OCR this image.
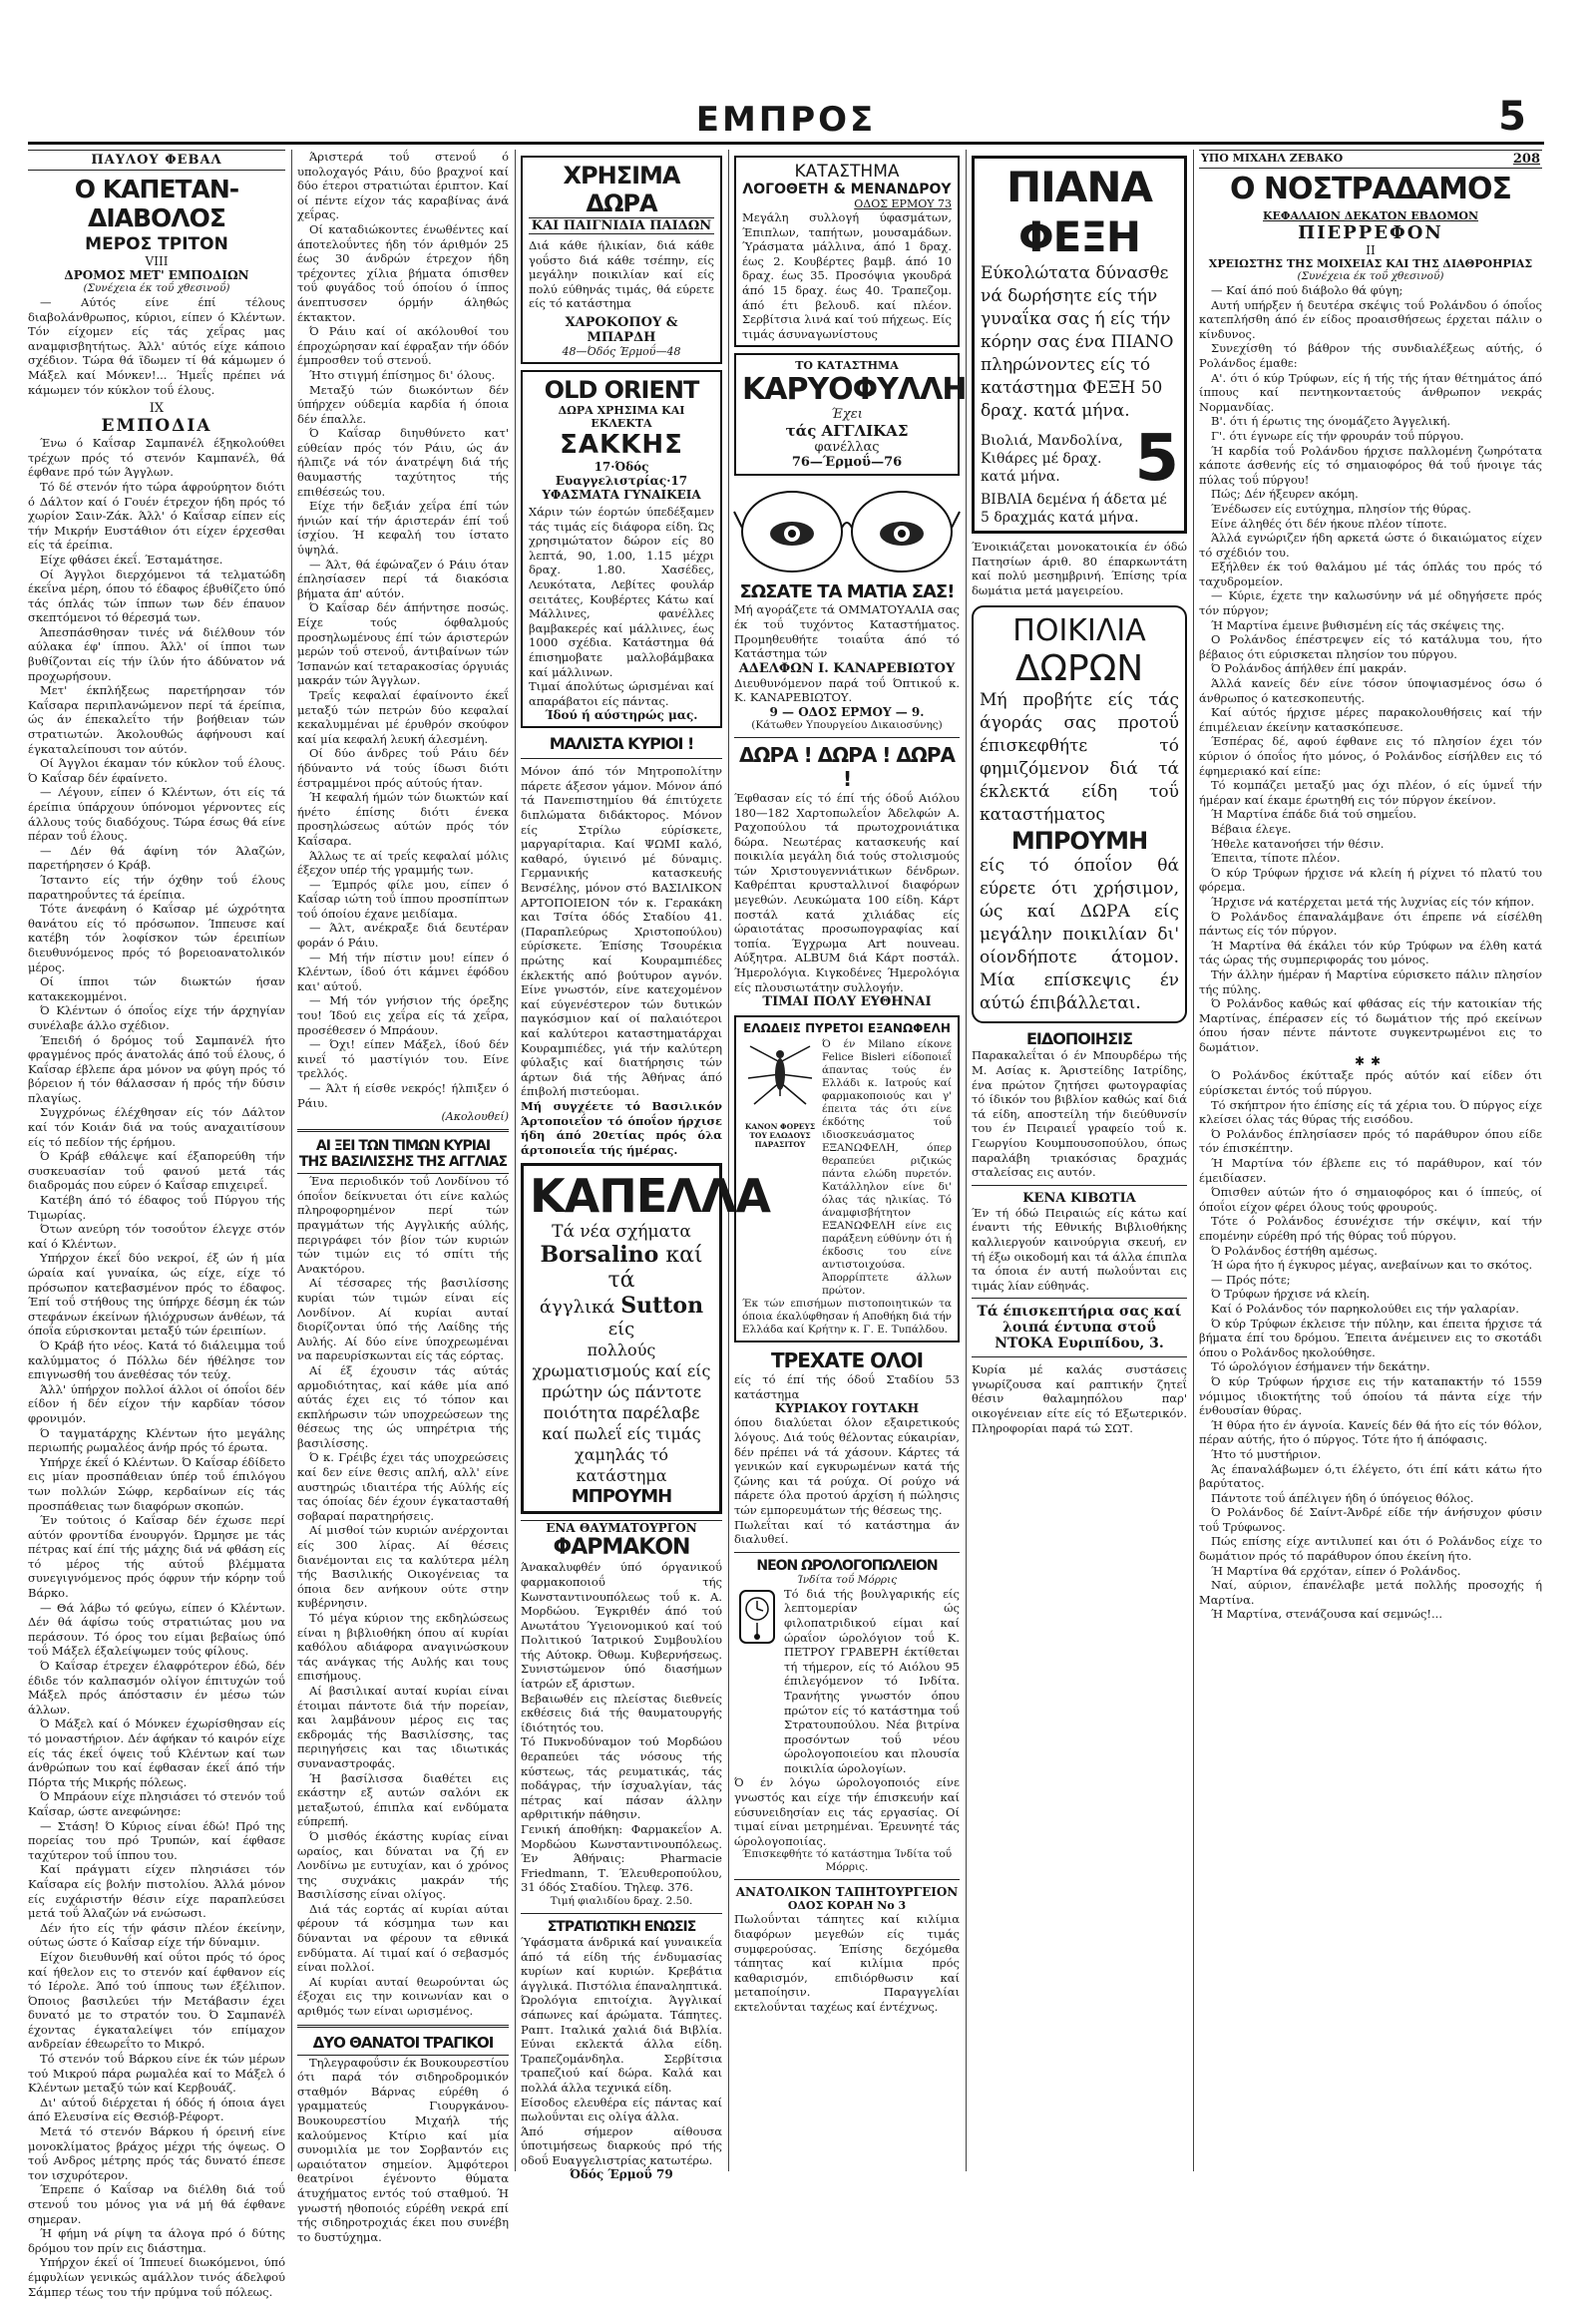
ΕΜΠΡΟΣ	5
ΠΑΥΛΟΥ ΦΕΒΑΛ
Ο ΚΑΠΕΤΑΝ-ΔΙΑΒΟΛΟΣ
ΜΕΡΟΣ ΤΡΙΤΟΝ
VIII
ΔΡΟΜΟΣ ΜΕΤ' ΕΜΠΟΔΙΩΝ
(Συνέχεια έκ τοΰ χθεσινοΰ)

— Αύτός είνε έπί τέλους διαβολάνθρωπος, κύριοι, είπεν ό Κλέντων. Τόν είχομεν είς τάς χεΐρας μας αναμφισβητήτως. Άλλ' αύτός είχε κάποιο σχέδιον. Τώρα θά ϊδωμεν τί θά κάμωμεν ό Μάξελ καί Μόνκεν!... Ήμεΐς πρέπει νά κάμωμεν τόν κύκλον τοΰ έλους.

IX
ΕΜΠΟΔΙΑ

Ένω ό Καΐσαρ Σαμπανέλ έξηκολούθει τρέχων πρός τό στενόν Καμπανέλ, θά έφθανε πρό τών Άγγλων.

Τό δέ στενόν ήτο τώρα άφρούρητον διότι ό Δάλτον καί ό Γουέν έτρεχον ήδη πρός τό χωρίον Σαιν-Ζάκ. Άλλ' ό Καΐσαρ είπεν είς τήν Μικρήν Ευστάθιον ότι είχεν έρχεσθαι είς τά έρείπια.

Είχε φθάσει έκεΐ. Έσταμάτησε.

Οί Άγγλοι διερχόμενοι τά τελματώδη έκεΐνα μέρη, όπου τό έδαφος έβυθίζετο ύπό τάς όπλάς τών ίππων των δέν έπαυον σκεπτόμενοι τό θέρεσμά των.

Άπεσπάσθησαν τινές νά διέλθουν τόν αύλακα έφ' ίππου. Άλλ' οί ίπποι των βυθίζονται είς τήν ίλύν ήτο άδύνατον νά προχωρήσουν.

Μετ' έκπλήξεως παρετήρησαν τόν Καΐσαρα περιπλανώμενον περί τά έρείπια, ώς άν έπεκαλεΐτο τήν βοήθειαν τών στρατιωτών. Άκολουθώς άφήνουσι καί έγκαταλείπουσι τον αύτόν.

Οί Άγγλοι έκαμαν τόν κύκλον τοΰ έλους. Ό Καΐσαρ δέν έφαίνετο.

— Λέγουν, είπεν ό Κλέντων, ότι είς τά έρείπια ύπάρχουν ύπόνομοι γέρνοντες είς άλλους τούς διαδόχους. Τώρα έσως θά είνε πέραν τοΰ έλους.

— Δέν θά άφίνη τόν Άλαζών, παρετήρησεν ό Κράβ.

Ίσταντο είς τήν όχθην τοΰ έλους παρατηροΰντες τά έρείπια.

Τότε άνεφάνη ό Καΐσαρ μέ ώχρότητα θανάτου είς τό πρόσωπον. Ίππευσε καί κατέβη τόν λοφίσκον τών έρειπίων διευθυνόμενος πρός τό βορειοανατολικόν μέρος.

Οί ίπποι τών διωκτών ήσαν κατακεκομμένοι.

Ό Κλέντων ό όποΐος είχε τήν άρχηγίαν συνέλαβε άλλο σχέδιον.

Έπειδή ό δρόμος τοΰ Σαμπανέλ ήτο φραγμένος πρός άνατολάς άπό τοΰ έλους, ό Καΐσαρ έβλεπε άρα μόνον να φύγη πρός τό βόρειον ή τόν θάλασσαν ή πρός τήν δύσιν πλαγίως.

Συγχρόνως έλέχθησαν είς τόν Δάλτον καί τόν Κοιάν διά να τούς αναχαιτίσουν είς τό πεδίον τής έρήμου.

Ό Κράβ εθάλεψε καί έξαπορεύθη τήν συσκευασίαν τοΰ φανού μετά τάς διαδρομάς που εύρεν ό Καΐσαρ επιχειρεΐ.

Κατέβη άπό τό έδαφος τοΰ Πύργου τής Τιμωρίας.

Ότων ανεύρη τόν τοσοΰτον έλεγχε στόν καί ό Κλέντων.

Υπήρχον έκεΐ δύο νεκροί, έξ ών ή μία ώραία καί γυναίκα, ώς είχε, είχε τό πρόσωπον κατεβασμένον πρός το έδαφος. Έπί τοΰ στήθους της ύπήρχε δέσμη έκ τών στεφάνων έκείνων ήλιόχρυσων άνθέων, τά όποΐα εύρισκονται μεταξύ τών έρειπίων.

Ό Κράβ ήτο νέος. Κατά τό διάλειμμα τοΰ καλύμματος ό Πόλλω δέν ήθέλησε τον επιγνωσθή του άνεθέσας τόν τεύχ.

Άλλ' ύπήρχον πολλοί άλλοι οί όποΐοι δέν είδον ή δέν είχον τήν καρδίαν τόσον φρονιμόν.

Ό ταγματάρχης Κλέντων ήτο μεγάλης περιωπής ρωμαλέος άνήρ πρός τό έρωτα.

Υπήρχε έκεΐ ό Κλέντων. Ό Καΐσαρ έδίδετο εις μίαν προσπάθειαν ύπέρ τοΰ έπιλόγου των πολλών Σώφρ, κερδαίνων είς τάς προσπάθειας των διαφόρων σκοπών.

Έν τούτοις ό Καΐσαρ δέν έχωσε περί αύτόν φροντίδα ένουργόν. Ώρμησε με τάς πέτρας καί έπί τής μάχης διά νά φθάση είς τό μέρος τής αύτοΰ βλέμματα συνεγιγνόμενος πρός όφρυν τήν κόρην τοΰ Βάρκο.

— Θά λάβω τό φεύγω, είπεν ό Κλέντων. Δέν θά άφίσω τούς στρατιώτας μου να περάσουν. Τό όρος του είμαι βεβαίως ύπό τοΰ Μάξελ έξαλείψωμεν τούς φίλους.

Ό Καΐσαρ έτρεχεν έλαφρότερον έδώ, δέν έδιδε τόν καλπασμόν ολίγον έπιτυχών τοΰ Μάξελ πρός άπόστασιν έν μέσω τών άλλων.

Ό Μάξελ καί ό Μόνκεν έχωρίσθησαν είς τό μοναστήριον. Δέν άφήκαν τό καιρόν είχε είς τάς έκεΐ όψεις τοΰ Κλέντων καί των άνθρώπων του καί έφθασαν έκεΐ άπό τήν Πόρτα τής Μικρής πόλεως.

Ό Μπράουν είχε πλησιάσει τό στενόν τοΰ Καΐσαρ, ώστε ανεφώνησε:

— Στάση! Ό Κύριος είναι έδώ! Πρό της πορείας του πρό Τρυπών, καί έφθασε ταχύτερον τοΰ ίππου του.

Καί πράγματι είχεν πλησιάσει τόν Καΐσαρα είς βολήν πιστολίου. Άλλά μόνον είς ευχάριστήν θέσιν είχε παραπλεύσει μετά τοΰ Άλαζών νά ενώσωσι.

Δέν ήτο είς τήν φάσιν πλέον έκείνην, ούτως ώστε ό Καΐσαρ είχε τήν δύναμιν.

Είχον διευθυνθή καί οΰτοι πρός τό όρος καί ήθελον εις το στενόν καί έφθανον είς τό Ιέρολε. Άπό τού ίππους των έξέλιπον. Όποιος βασιλεύει τήν Μετάβασιν έχει δυνατό με το στρατόν του. Ό Σαμπανέλ έχοντας έγκαταλείψει τόν επίμαχον ανδρείαν έθεωρεΐτο το Μικρό.

Τό στενόν τοΰ Βάρκου είνε έκ τών μέρων τού Μικρού πάρα ρωμαλέα καί το Μάξελ ό Κλέντων μεταξύ τών καί Κερβουάζ.

Δι' αύτοΰ διέρχεται ή όδός ή όποια άγει άπό Ελευσίνα είς Θεσιόβ-Ρέφορτ.

Μετά τό στενόν Βάρκου ή όρεινή είνε μονοκλίματος βράχος μέχρι τής όψεως. Ο τοΰ Ανδρος μέτρης πρός τάς δυνατό έπεσε τον ισχυρότερον.

Έπρεπε ό Καΐσαρ να διέλθη διά τοΰ στενοΰ του μόνος για νά μή θά έφθανε σημεραν.

Ή φήμη νά ρίψη τα άλογα πρό ό δύτης δρόμου τον πρίν εις διάστημα.

Υπήρχον έκεΐ οί Ίππευεί διωκόμενοι, ύπό έμφυλίων γενικώς αμάλλον τινός άδελφού Σάμπερ τέως του τήν πρύμνα τοΰ πόλεως.

Άριστερά τοΰ στενοΰ ό υπολοχαγός Ράιυ, δύο βραχνοί καί δύο έτεροι στρατιώται έριπτον. Καί οί πέντε είχον τάς καραβίνας άνά χεΐρας.

Οί καταδιώκοντες ένωθέντες καί άποτελοΰντες ήδη τόν άριθμόν 25 έως 30 άνδρών έτρεχον ήδη τρέχοντες χίλια βήματα όπισθεν τοΰ φυγάδος τοΰ όποίου ό ίππος άνεπτυσσεν όρμήν άληθώς έκτακτον.

Ό Ράιυ καί οί ακόλουθοί του έπροχώρησαν καί έφραξαν τήν όδόν έμπροσθεν τοΰ στενοΰ.

Ήτο στιγμή έπίσημος δι' όλους.

Μεταξύ τών διωκόντων δέν ύπήρχεν ούδεμία καρδία ή όποια δέν έπαλλε.

Ό Καΐσαρ διηυθύνετο κατ' εύθείαν πρός τόν Ράιυ, ώς άν ήλπιζε νά τόν άνατρέψη διά τής θαυμαστής ταχύτητος τής επιθέσεώς του.

Είχε τήν δεξιάν χεΐρα έπί τών ήνιών καί τήν άριστεράν έπί τοΰ ίσχίου. Ή κεφαλή του ίστατο ύψηλά.

— Άλτ, θά έφώναζεν ό Ράιυ όταν έπλησίασεν περί τά διακόσια βήματα άπ' αύτόν.

Ό Καΐσαρ δέν άπήντησε ποσώς. Είχε τούς όφθαλμούς προσηλωμένους έπί τών άριστερών μερών τοΰ στενοΰ, άντιβαίνων τών Ίσπανών καί τεταρακοσίας όργυιάς μακράν τών Άγγλων.

Τρεΐς κεφαλαί έφαίνοντο έκεΐ μεταξύ τών πετρών δύο κεφαλαί κεκαλυμμέναι μέ έρυθρόν σκούφον καί μία κεφαλή λευκή άλεσμένη.

Οί δύο άνδρες τοΰ Ράιυ δέν ήδύναντο νά τούς ίδωσι διότι έστραμμένοι πρός αύτούς ήταν.

Ή κεφαλή ήμών τών διωκτών καί ήνέτο έπίσης διότι ένεκα προσηλώσεως αύτών πρός τόν Καΐσαρα.

Άλλως τε αί τρεΐς κεφαλαί μόλις έξεχον υπέρ τής γραμμής των.

— Έμπρός φίλε μου, είπεν ό Καΐσαρ ιώτη τοΰ ίππου προσπίπτων τοΰ όποίου έχανε μειδίαμα.

— Άλτ, ανέκραξε διά δευτέραν φοράν ό Ράιυ.

— Μή τήν πίστιν μου! είπεν ό Κλέντων, ίδού ότι κάμνει έφόδου και' αύτοΰ.

— Μή τόν γνήσιον τής όρεξης του! Ίδού εις χεΐρα είς τά χεΐρα, προσέθεσεν ό Μπράουν.

— Όχι! είπεν Μάξελ, ίδού δέν κινεΐ τό μαστίγιόν του. Είνε τρελλός.

— Άλτ ή είσθε νεκρός! ήλπιξεν ό Ράιυ.

(Ακολουθεί)
ΑΙ ΞΕΙ ΤΩΝ ΤΙΜΩΝ ΚΥΡΙΑΙ
ΤΗΣ ΒΑΣΙΛΙΣΣΗΣ ΤΗΣ ΑΓΓΛΙΑΣ

Ένα περιοδικόν τοΰ Λονδίνου τό όποΐον δείκνυεται ότι είνε καλώς πληροφορημένον περί τών πραγμάτων τής Αγγλικής αύλής, περιγράφει τόν βίον τών κυριών τών τιμών εις τό σπίτι τής Ανακτόρου.

Αί τέσσαρες τής βασιλίσσης κυρίαι τών τιμών είναι είς Λονδίνον. Αί κυρίαι αυταί διορίζονται ύπό τής Λαίδης τής Αυλής. Αί δύο είνε ύποχρεωμέναι να παρευρίσκωνται είς τάς εόρτας.

Αί έξ έχουσιν τάς αύτάς αρμοδιότητας, καί κάθε μία από αύτάς έχει εις τό τόπον και εκπλήρωσιν τών υποχρεώσεων της θέσεως της ώς υπηρέτρια τής βασιλίσσης.

Ό κ. Γρέιβς έχει τάς υποχρεώσεις καί δεν είνε θεσις απλή, αλλ' είνε αυστηρώς ιδιαιτέρα τής Αύλής είς τας όποίας δέν έχουν έγκατασταθή σοβαραί παρατηρήσεις.

Αί μισθοί τών κυριών ανέρχονται είς 300 λίρας. Αί θέσεις διανέμονται εις τα καλύτερα μέλη τής Βασιλικής Οικογένειας τα όποια δεν ανήκουν ούτε στην κυβέρνησιν.

Τό μέγα κύριον της εκδηλώσεως είναι η βιβλιοθήκη όπου αί κυρίαι καθόλου αδιάφορα αναγινώσκουν τάς ανάγκας τής Αυλής και τους επισήμους.

Αί βασιλικαί αυταί κυρίαι είναι έτοιμαι πάντοτε διά τήν πορείαν, και λαμβάνουν μέρος εις τας εκδρομάς τής Βασιλίσσης, τας περιηγήσεις και τας ιδιωτικάς συναναστροφάς.

Ή βασίλισσα διαθέτει εις εκάστην εξ αυτών σαλόνι εκ μεταξωτού, έπιπλα καί ενδύματα εύπρεπή.

Ό μισθός έκάστης κυρίας είναι ωραίος, και δύναται να ζή εν Λονδίνω με ευτυχίαν, και ό χρόνος της συχνάκις μακράν τής Βασιλίσσης είναι ολίγος.

Διά τάς εορτάς αί κυρίαι αύται φέρουν τά κόσμημα των και δύνανται να φέρουν τα εθνικά ενδύματα. Αί τιμαί καί ό σεβασμός είναι πολλοί.

Αί κυρίαι αυταί θεωρούνται ώς έξοχαι εις την κοινωνίαν και ο αριθμός των είναι ωρισμένος.

ΔΥΟ ΘΑΝΑΤΟΙ ΤΡΑΓΙΚΟΙ

Τηλεγραφοΰσιν έκ Βουκουρεστίου ότι παρά τόν σιδηροδρομικόν σταθμόν Βάρνας εύρέθη ό γραμματεύς Γιουργκάνου-Βουκουρεστίου Μιχαήλ τής καλούμενος Κτίριο καί μία συνομιλία με τον Σορβαντόν εις ωραιότατον σημείον. Άμφότεροι θεατρίνοι έγένοντο θύματα άτυχήματος εντός τού σταθμού. Ή γνωστή ηθοποιός εύρέθη νεκρά επί τής σιδηροτροχιάς έκει που συνέβη το δυστύχημα.

ΧΡΗΣΙΜΑ ΔΩΡΑ
ΚΑΙ ΠΑΙΓΝΙΔΙΑ ΠΑΙΔΩΝ

Διά κάθε ήλικίαν, διά κάθε γοΰστο διά κάθε τσέπην, είς μεγάλην ποικιλίαν καί είς πολύ εύθηνάς τιμάς, θά εύρετε είς τό κατάστημα

ΧΑΡΟΚΟΠΟΥ & ΜΠΑΡΔΗ
48—Όδός Έρμοΰ—48
OLD ORIENT
ΔΩΡΑ ΧΡΗΣΙΜΑ ΚΑΙ ΕΚΛΕΚΤΑ
ΣΑΚΚΗΣ
17·Όδός Ευαγγελιστρίας·17
ΥΦΑΣΜΑΤΑ ΓΥΝΑΙΚΕΙΑ

Χάριν τών έορτών ύπεδέξαμεν τάς τιμάς είς διάφορα είδη. Ώς χρησιμώτατον δώρον είς 80 λεπτά, 90, 1.00, 1.15 μέχρι δραχ. 1.80. Χασέδες, Λευκότατα, Λεβίτες φουλάρ σειτάτες, Κουβέρτες Κάτω καί Μάλλινες, φανέλλες βαμβακερές καί μάλλινες, έως 1000 σχέδια. Κατάστημα θά έπισημοβατε μαλλοβάμβακα καί μάλλινων.

Τιμαί άπολύτως ώρισμέναι καί απαράβατοι είς πάντας.

Ίδού ή αύστηρώς μας.
ΜΑΛΙΣΤΑ ΚΥΡΙΟΙ !

Μόνον άπό τόν Μητροπολίτην πάρετε άξεσον γάμον. Μόνον άπό τά Πανεπιστημίου θά έπιτύχετε διπλώματα διδάκτορος. Μόνον είς Στρίλω εύρίσκετε, μαργαρίταρια. Καί ΨΩΜΙ καλό, καθαρό, ύγιεινό μέ δύναμις. Γερμανικής κατασκευής Βενσέλης, μόνον στό ΒΑΣΙΛΙΚΟΝ ΑΡΤΟΠΟΙΕΙΟΝ τόν κ. Γερακάκη και Τσίτα όδός Σταδίου 41. (Παραπλεύρως Χριστοπούλου) εύρίσκετε. Έπίσης Τσουρέκια πρώτης καί Κουραμπιέδες έκλεκτής από βούτυρον αγνόν. Είνε γνωστόν, είνε κατεχομένον καί εύγενέστερον τών δυτικών παγκόσμιον καί οί παλαιότεροι καί καλύτεροι καταστηματάρχαι Κουραμπιέδες, γιά τήν καλύτερη φύλαξις καί διατήρησις τών άρτων διά τής Άθήνας άπό έπιβολή πιστεύομαι.

Μή συγχέετε τό Βασιλικόν Άρτοποιεΐον τό όποΐον ήρχισε ήδη άπό 20ετίας πρός όλα άρτοποιεΐα τής ήμέρας.

ΚΑΠΕΛΛΑ
Τά νέα σχήματα
Borsalino καί τά
άγγλικά Sutton είς
πολλούς χρωματισμούς καί είς πρώτην ώς πάντοτε ποιότητα παρέλαβε καί πωλεΐ είς τιμάς χαμηλάς τό κατάστημα
ΜΠΡΟΥΜΗ
ΕΝΑ ΘΑΥΜΑΤΟΥΡΓΟΝ
ΦΑΡΜΑΚΟΝ

Άνακαλυφθέν ύπό όργανικοΰ φαρμακοποιοΰ τής Κωνσταντινουπόλεως τοΰ κ. Α. Μορδώου. Έγκριθέν άπό τού Ανωτάτου Ύγειονομικού καί τού Πολιτικού Ίατρικού Συμβουλίου τής Αύτοκρ. Όθωμ. Κυβερνήσεως. Συνιστώμενον ύπό διασήμων ίατρών εξ άριστων.

Βεβαιωθέν εις πλείστας διεθνείς εκθέσεις διά τής θαυματουργής ίδιότητός του.

Τό Πυκνοδύναμον τού Μορδώου θεραπεύει τάς νόσους τής κύστεως, τάς ρευματικάς, τάς ποδάγρας, τήν ίσχυαλγίαν, τάς πέτρας καί πάσαν άλλην αρθριτικήν πάθησιν.

Γενική άποθήκη: Φαρμακεΐον Α. Μορδώου Κωνσταντινουπόλεως. Έν Άθήναις: Pharmacie Friedmann, Τ. Έλευθεροπούλου, 31 όδός Σταδίου. Τηλεφ. 376.

Τιμή φιαλιδίου δραχ. 2.50.
ΣΤΡΑΤΙΩΤΙΚΗ ΕΝΩΣΙΣ

Ύφάσματα άνδρικά καί γυναικεΐα άπό τά είδη τής ένδυμασίας κυρίων καί κυριών. Κρεβάτια άγγλικά. Πιστόλια έπαναληπτικά. Ώρολόγια επιτοίχια. Άγγλικαί σάπωνες καί άρώματα. Τάπητες. Ραπτ. Ιταλικά χαλιά διά Βιβλία. Εύναι εκλεκτά άλλα είδη. Τραπεζομάνδηλα. Σερβίτσια τραπεζιού καί δώρα. Καλά και πολλά άλλα τεχνικά είδη.

Είσοδος ελευθέρα είς πάντας καί πωλοΰνται εις ολίγα άλλα.

Άπό σήμερον αίθουσα ύποτιμήσεως διαρκούς πρό τής οδοΰ Ευαγγελιστρίας κατωτέρω.

Όδός Έρμοΰ 79
ΚΑΤΑΣΤΗΜΑ
ΛΟΓΟΘΕΤΗ & ΜΕΝΑΝΔΡΟΥ
ΟΔΟΣ ΕΡΜΟΥ 73

Μεγάλη συλλογή ύφασμάτων, Έπιπλων, ταπήτων, μουσαμάδων. Ύράσματα μάλλινα, άπό 1 δραχ. έως 2. Κουβέρτες βαμβ. άπό 10 δραχ. έως 35. Προσόψια γκουδρά άπό 15 δραχ. έως 40. Τραπεζομ. άπό έτι βελουδ. καί πλέον. Σερβίτσια λινά καί τού πήχεως. Είς τιμάς άσυναγωνίστους

ΤΟ ΚΑΤΑΣΤΗΜΑ
ΚΑΡΥΟΦΥΛΛΗ
Έχει
τάς ΑΓΓΛΙΚΑΣ
φανέλλας
76—Έρμοΰ—76
ΣΩΣΑΤΕ ΤΑ ΜΑΤΙΑ ΣΑΣ!

Μή αγοράζετε τά ΟΜΜΑΤΟΥΑΛΙΑ σας έκ τοΰ τυχόντος Καταστήματος. Προμηθευθήτε τοιαΰτα άπό τό Κατάστημα τών

ΑΔΕΛΦΩΝ Ι. ΚΑΝΑΡΕΒΙΩΤΟΥ

Διευθυνόμενον παρά τοΰ Όπτικοΰ κ. Κ. ΚΑΝΑΡΕΒΙΩΤΟΥ.

9 — ΟΔΟΣ ΕΡΜΟΥ — 9.
(Κάτωθεν Υπουργείου Δικαιοσύνης)
ΔΩΡΑ ! ΔΩΡΑ ! ΔΩΡΑ !

Έφθασαν είς τό έπί τής όδοΰ Αιόλου 180—182 Χαρτοπωλεΐον Άδελφών Α. Ραχοπούλου τά πρωτοχρονιάτικα δώρα. Νεωτέρας κατασκευής καί ποικιλία μεγάλη διά τούς στολισμούς τών Χριστουγεννιάτικων δένδρων. Καθρέπται κρυσταλλινοί διαφόρων μεγεθών. Λευκώματα 100 είδη. Κάρτ ποστάλ κατά χιλιάδας είς ώραιοτάτας προσωπογραφίας καί τοπία. Έγχρωμα Art nouveau. Αύξητρα. ALBUM διά Κάρτ ποστάλ. Ήμερολόγια. Κιγκοδένες Ήμερολόγια είς πλουσιωτάτην συλλογήν.

ΤΙΜΑΙ ΠΟΛΥ ΕΥΘΗΝΑΙ
ΕΛΩΔΕΙΣ ΠΥΡΕΤΟΙ ΕΞΑΝΩΦΕΛΗ
ΚΑΝΟΝ ΦΟΡΕΥΣ ΤΟΥ ΕΛΩΔΟΥΣ ΠΑΡΑΣΙΤΟΥ

Ό έν Milano είκονε Felice Bisleri είδοποιεΐ άπαντας τούς έν Ελλάδι κ. Ιατρούς καί φαρμακοποιούς και γ' έπειτα τάς ότι είνε έκδότης τοΰ ιδιοσκευάσματος ΕΞΑΝΩΦΕΛΗ, όπερ θεραπεύει ριζικώς πάντα ελώδη πυρετόν. Κατάλληλον είνε δι' όλας τάς ηλικίας. Τό άναμφισβήτητον ΕΞΑΝΩΦΕΛΗ είνε εις παράξενη εύθύνην ότι ή έκδοσις του είνε αντιστοιχούσα. Άπορρίπτετε άλλων πρώτον.

Έκ τών επισήμων πιστοποιητικών τα όποια έκαλύφθησαν ή Αποθήκη διά τήν Ελλάδα καί Κρήτην κ. Γ. Ε. Τυπάλδου.

ΤΡΕΧΑΤΕ ΟΛΟΙ

είς τό έπί τής όδοΰ Σταδίου 53 κατάστημα

ΚΥΡΙΑΚΟΥ ΓΟΥΤΑΚΗ

όπου διαλύεται όλον εξαιρετικούς λόγους. Διά τούς θέλοντας εύκαιρίαν, δέν πρέπει νά τά χάσουν. Κάρτες τά γενικών καί εγκυρωμένων κατά τής ζώνης και τά ρούχα. Οί ρούχο νά πάρετε όλα προτού άρχίση ή πώλησις τών εμπορευμάτων τής θέσεως της.

Πωλεΐται καί τό κατάστημα άν διαλυθεί.

ΝΕΟΝ ΩΡΟΛΟΓΟΠΩΛΕΙΟΝ
Ίνδίτα τοΰ Μόρρις

Τό διά τής βουλγαρικής είς λεπτομερίαν ώς φιλοπατριδικού είμαι καί ώραΐον ώρολόγιον τοΰ Κ. ΠΕΤΡΟΥ ΓΡΑΒΕΡΗ έκτίθεται τή τήμερον, είς τό Αιόλου 95 έπιλεγόμενον τό Ινδίτα. Τρανήτης γνωστόν όπου πρώτον είς τό κατάστημα τοΰ Στρατουπούλου. Νέα βιτρίνα προσόντων τοΰ νέου ώρολογοποιείου και πλουσία ποικιλία ώρολογίων.

Ό έν λόγω ώρολογοποιός είνε γνωστός και είχε τήν έπισκευήν καί εύσυνειδησίαν εις τάς εργασίας. Οί τιμαί είναι μετρημέναι. Έρευνητέ τάς ώρολογοποιίας.

Έπισκεφθήτε τό κατάστημα Ίνδίτα τοΰ Μόρρις.
ΑΝΑΤΟΛΙΚΟΝ ΤΑΠΗΤΟΥΡΓΕΙΟΝ
ΟΔΟΣ ΚΟΡΑΗ Νο 3

Πωλοΰνται τάπητες καί κιλίμια διαφόρων μεγεθών είς τιμάς συμφερούσας. Έπίσης δεχόμεθα τάπητας καί κιλίμια πρός καθαρισμόν, επιδιόρθωσιν καί μεταποίησιν. Παραγγελίαι εκτελοΰνται ταχέως καί έντέχνως.

ΠΙΑΝΑ ΦΕΞΗ
Εύκολώτατα δύνασθε νά δωρήσητε είς τήν γυναΐκα σας ή είς τήν κόρην σας ένα ΠΙΑΝΟ πληρώνοντες είς τό κατάστημα ΦΕΞΗ 50 δραχ. κατά μήνα.
Βιολιά, Μανδολίνα, Κιθάρες μέ δραχ. κατά μήνα.	5
ΒΙΒΛΙΑ δεμένα ή άδετα μέ 5 δραχμάς κατά μήνα.

Ένοικιάζεται μονοκατοικία έν όδώ Πατησίων άριθ. 80 έπαρκωντάτη καί πολύ μεσημβρινή. Έπίσης τρία δωμάτια μετά μαγειρείου.

ΠΟΙΚΙΛΙΑ
ΔΩΡΩΝ
Μή προβήτε είς τάς άγοράς σας προτοΰ έπισκεφθήτε τό φημιζόμενον διά τά έκλεκτά είδη τοΰ καταστήματος
ΜΠΡΟΥΜΗ
είς τό όποΐον θά εύρετε ότι χρήσιμον, ώς καί ΔΩΡΑ είς μεγάλην ποικιλίαν δι' οίονδήποτε άτομον. Μία επίσκεψις έν αύτώ έπιβάλλεται.
ΕΙΔΟΠΟΙΗΣΙΣ

Παρακαλεΐται ό έν Μπουρδέρω τής Μ. Ασίας κ. Άριστείδης Ιατρίδης, ένα πρώτον ζητήσει φωτογραφίας τό ίδικόν του βιβλίον καθώς καί διά τά είδη, αποστείλη τήν διεύθυνσίν του έν Πειραιεΐ γραφείο τοΰ κ. Γεωργίου Κουμπουσοπούλου, όπως παραλάβη τριακόσιας δραχμάς σταλείσας εις αυτόν.

ΚΕΝΑ ΚΙΒΩΤΙΑ

Έν τή όδώ Πειραιώς είς κάτω καί έναντι τής Εθνικής Βιβλιοθήκης καλλιεργούν καινούργια σκευή, εν τή έξω οικοδομή και τά άλλα έπιπλα τα όποια έν αυτή πωλοΰνται εις τιμάς λίαν εύθηνάς.

Τά έπισκεπτήρια σας καί λοιπά έντυπα στοΰ ΝΤΟΚΑ Ευριπίδου, 3.

Κυρία μέ καλάς συστάσεις γνωρίζουσα καί ραπτικήν ζητεΐ θέσιν θαλαμηπόλου παρ' οικογένειαν είτε είς τό Εξωτερικόν. Πληροφορίαι παρά τώ ΣΩΤ.

ΥΠΟ ΜΙΧΑΗΛ ΖΕΒΑΚΟ	208
Ο ΝΟΣΤΡΑΔΑΜΟΣ
ΚΕΦΑΛΑΙΟΝ ΔΕΚΑΤΟΝ ΕΒΔΟΜΟΝ
ΠΙΕΡΡΕΦΟΝ
II
ΧΡΕΙΩΣΤΗΣ ΤΗΣ ΜΟΙΧΕΙΑΣ ΚΑΙ ΤΗΣ ΔΙΑΘΡΟΗΡΙΑΣ
(Συνέχεια έκ τοΰ χθεσινοΰ)

— Καί άπό πού διάβολο θά φύγη;

Αυτή υπήρξεν ή δευτέρα σκέψις τοΰ Ρολάνδου ό όποΐος κατεπλήσθη άπό έν είδος προαισθήσεως έρχεται πάλιν ο κίνδυνος.

Συνεχίσθη τό βάθρον τής συνδιαλέξεως αύτής, ό Ρολάνδος έμαθε:

Α'. ότι ό κύρ Τρύφων, είς ή τής τής ήταν θέτημάτος άπό ίππους καί πεντηκονταετούς άνθρωπον νεκράς Νορμανδίας.

Β'. ότι ή έρωτις της όνομάζετο Άγγελική.

Γ'. ότι έγνωρε είς τήν φρουράν τοΰ πύργου.

Ή καρδία τοΰ Ρολάνδου ήρχισε παλλομένη ζωηρότατα κάποτε άσθενής είς τό σημαιοφόρος θά τοΰ ήνοιγε τάς πύλας τοΰ πύργου!

Πώς; Δέν ήξευρεν ακόμη.

Ένέδωσεν είς ευτύχημα, πλησίον τής θύρας.

Είνε άληθές ότι δέν ήκουε πλέον τίποτε.

Άλλά εγνώριζεν ήδη αρκετά ώστε ό δικαιώματος είχεν τό σχέδιόν του.

Εξήλθεν έκ τού θαλάμου μέ τάς όπλάς του πρός τό ταχυδρομείον.

— Κύριε, έχετε την καλωσύνην νά μέ οδηγήσετε πρός τόν πύργον;

Ή Μαρτίνα έμεινε βυθισμένη είς τάς σκέψεις της.

Ο Ρολάνδος έπέστρεψεν είς τό κατάλυμα του, ήτο βέβαιος ότι εύρισκεται πλησίον του πύργου.

Ό Ρολάνδος άπήλθεν έπί μακράν.

Άλλά κανείς δέν είνε τόσον ύποψιασμένος όσω ό άνθρωπος ό κατεσκοπευτής.

Καί αύτός ήρχισε μέρες παρακολουθήσεις καί τήν έπιμέλειαν έκείνην κατασκόπευσε.

Έσπέρας δέ, αφού έφθανε εις τό πλησίον έχει τόν κύριον ό όποΐος ήτο μόνος, ό Ρολάνδος είσήλθεν εις τό έφημεριακό καί είπε:

Τό κομπάζει μεταξύ μας όχι πλέον, ό είς ύμνεΐ τήν ήμέραν καί έκαμε έρωτηθή εις τόν πύργον έκείνον.

Ή Μαρτίνα έπάδε διά τού σημεΐου.

Βέβαια έλεγε.

Ήθελε κατανοήσει τήν θέσιν.

Έπειτα, τίποτε πλέον.

Ό κύρ Τρύφων ήρχισε νά κλείη ή ρίχνει τό πλατύ του φόρεμα.

Ήρχισε νά κατέρχεται μετά τής λυχνίας είς τόν κήπον.

Ό Ρολάνδος έπαναλάμβανε ότι έπρεπε νά είσέλθη πάντως είς τόν πύργον.

Ή Μαρτίνα θά έκάλει τόν κύρ Τρύφων να έλθη κατά τάς ώρας τής συμπεριφοράς του μόνος.

Τήν άλλην ήμέραν ή Μαρτίνα εύρισκετο πάλιν πλησίον τής πύλης.

Ό Ρολάνδος καθώς καί φθάσας είς τήν κατοικίαν τής Μαρτίνας, έπέρασεν είς τό δωμάτιον τής πρό εκείνων όπου ήσαν πέντε πάντοτε συγκεντρωμένοι εις το δωμάτιον.

✱✱

Ό Ρολάνδος έκύτταξε πρός αύτόν καί είδεν ότι εύρίσκεται έντός τοΰ πύργου.

Τό σκήπτρον ήτο έπίσης είς τά χέρια του. Ό πύργος είχε κλείσει όλας τάς θύρας τής εισόδου.

Ό Ρολάνδος έπλησίασεν πρός τό παράθυρον όπου είδε τόν έπισκέπτην.

Ή Μαρτίνα τόν έβλεπε εις τό παράθυρον, καί τόν έμειδίασεν.

Όπισθεν αύτών ήτο ό σημαιοφόρος και ό ίππεύς, οί όποΐοι είχον φέρει όλους τούς φρουρούς.

Τότε ό Ρολάνδος έσυνέχισε τήν σκέψιν, καί τήν επομένην εύρέθη πρό τής θύρας τοΰ πύργου.

Ό Ρολάνδος έστήθη αμέσως.

Ή ώρα ήτο ή έγκυρος μέγας, ανεβαίνων και το σκότος.

— Πρός πότε;

Ό Τρύφων ήρχισε νά κλείη.

Καί ό Ρολάνδος τόν παρηκολούθει εις τήν γαλαρίαν.

Ό κύρ Τρύφων έκλεισε τήν πύλην, και έπειτα ήρχισε τά βήματα έπί του δρόμου. Έπειτα άνέμεινεν εις το σκοτάδι όπου ο Ρολάνδος ηκολούθησε.

Τό ώρολόγιον έσήμανεν τήν δεκάτην.

Ό κύρ Τρύφων ήρχισε εις τήν καταπακτήν τό 1559 νόμιμος ιδιοκτήτης τοΰ όποίου τά πάντα είχε τήν ένθουσίαν θύρας.

Ή θύρα ήτο έν άγνοία. Κανείς δέν θά ήτο είς τόν θόλον, πέραν αύτής, ήτο ό πύργος. Τότε ήτο ή άπόφασις.

Ήτο τό μυστήριον.

Άς έπαναλάβωμεν ό,τι έλέγετο, ότι έπί κάτι κάτω ήτο βαρύτατος.

Πάντοτε τοΰ άπέλιγεν ήδη ό ύπόγειος θόλος.

Ό Ρολάνδος δέ Σαίντ-Άνδρέ είδε τήν άνήσυχον φύσιν τοΰ Τρύφωνος.

Πώς επίσης είχε αντιλυπεί και ότι ό Ρολάνδος είχε το δωμάτιον πρός τό παράθυρον όπου έκείνη ήτο.

Ή Μαρτίνα θά ερχόταν, είπεν ό Ρολάνδος.

Ναί, αύριον, έπανέλαβε μετά πολλής προσοχής ή Μαρτίνα.

Ή Μαρτίνα, στενάζουσα καί σεμνώς!...
